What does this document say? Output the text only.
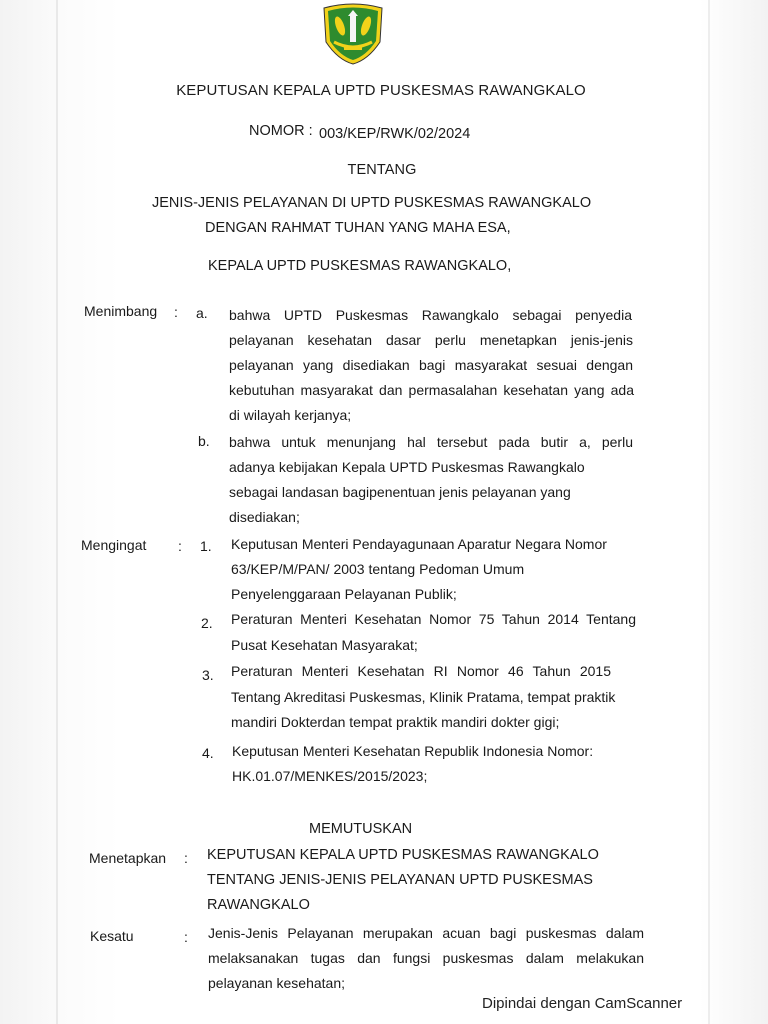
KEPUTUSAN KEPALA UPTD PUSKESMAS RAWANGKALO
NOMOR : 003/KEP/RWK/02/2024
TENTANG
JENIS-JENIS PELAYANAN DI UPTD PUSKESMAS RAWANGKALO
DENGAN RAHMAT TUHAN YANG MAHA ESA,
KEPALA UPTD PUSKESMAS RAWANGKALO,
Menimbang : a. bahwa UPTD Puskesmas Rawangkalo sebagai penyedia
pelayanan kesehatan dasar perlu menetapkan jenis-jenis
pelayanan yang disediakan bagi masyarakat sesuai dengan
kebutuhan masyarakat dan permasalahan kesehatan yang ada
di wilayah kerjanya;
b. bahwa untuk menunjang hal tersebut pada butir a, perlu
adanya kebijakan Kepala UPTD Puskesmas Rawangkalo
sebagai landasan bagipenentuan jenis pelayanan yang
disediakan;
Mengingat : 1. Keputusan Menteri Pendayagunaan Aparatur Negara Nomor
63/KEP/M/PAN/ 2003 tentang Pedoman Umum
Penyelenggaraan Pelayanan Publik;
2. Peraturan Menteri Kesehatan Nomor 75 Tahun 2014 Tentang
Pusat Kesehatan Masyarakat;
3. Peraturan Menteri Kesehatan RI Nomor 46 Tahun 2015
Tentang Akreditasi Puskesmas, Klinik Pratama, tempat praktik
mandiri Dokterdan tempat praktik mandiri dokter gigi;
4. Keputusan Menteri Kesehatan Republik Indonesia Nomor:
HK.01.07/MENKES/2015/2023;
MEMUTUSKAN
Menetapkan : KEPUTUSAN KEPALA UPTD PUSKESMAS RAWANGKALO
TENTANG JENIS-JENIS PELAYANAN UPTD PUSKESMAS
RAWANGKALO
Kesatu	: Jenis-Jenis Pelayanan merupakan acuan bagi puskesmas dalam
melaksanakan tugas dan fungsi puskesmas dalam melakukan
pelayanan kesehatan;
Dipindai dengan CamScanner
